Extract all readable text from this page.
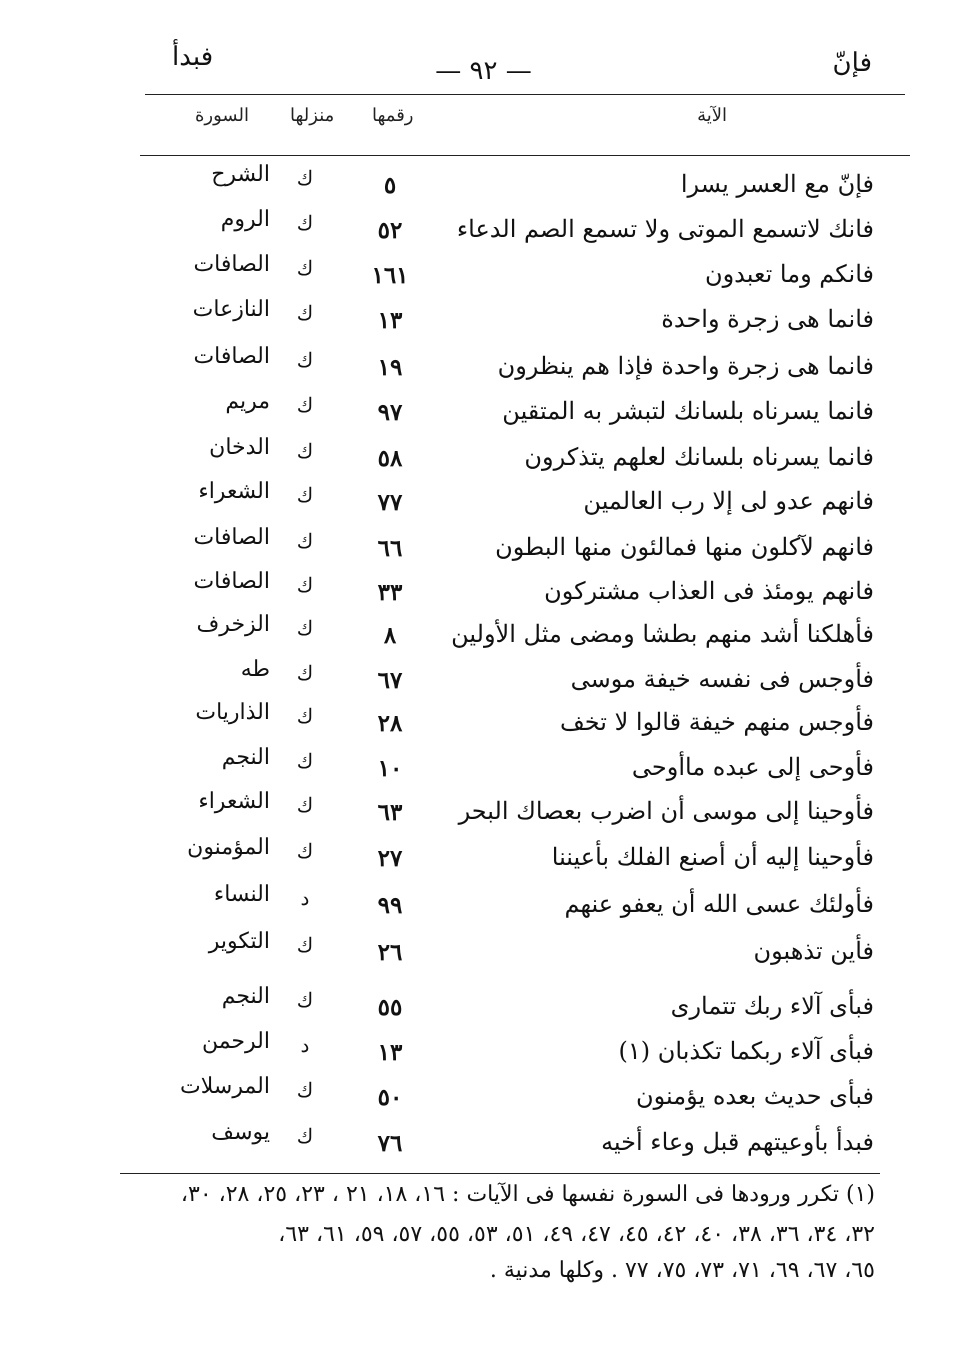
فإنّ
— ٩٢ —
فبدأ
الآية
رقمها
منزلها
السورة
فإنّ مع العسر يسرا
٥
ك
الشرح
فانك لاتسمع الموتى ولا تسمع الصم الدعاء
٥٢
ك
الروم
فانكم وما تعبدون
١٦١
ك
الصافات
فانما هى زجرة واحدة
١٣
ك
النازعات
فانما هى زجرة واحدة فإذا هم ينظرون
١٩
ك
الصافات
فانما يسرناه بلسانك لتبشر به المتقين
٩٧
ك
مريم
فانما يسرناه بلسانك لعلهم يتذكرون
٥٨
ك
الدخان
فانهم عدو لى إلا رب العالمين
٧٧
ك
الشعراء
فانهم لآكلون منها فمالئون منها البطون
٦٦
ك
الصافات
فانهم يومئذ فى العذاب مشتركون
٣٣
ك
الصافات
فأهلكنا أشد منهم بطشا ومضى مثل الأولين
٨
ك
الزخرف
فأوجس فى نفسه خيفة موسى
٦٧
ك
طه
فأوجس منهم خيفة قالوا لا تخف
٢٨
ك
الذاريات
فأوحى إلى عبده ماأوحى
١٠
ك
النجم
فأوحينا إلى موسى أن اضرب بعصاك البحر
٦٣
ك
الشعراء
فأوحينا إليه أن أصنع الفلك بأعيننا
٢٧
ك
المؤمنون
فأولئك عسى الله أن يعفو عنهم
٩٩
د
النساء
فأين تذهبون
٢٦
ك
التكوير
فبأى آلاء ربك تتمارى
٥٥
ك
النجم
فبأى آلاء ربكما تكذبان (١)
١٣
د
الرحمن
فبأى حديث بعده يؤمنون
٥٠
ك
المرسلات
فبدأ بأوعيتهم قبل وعاء أخيه
٧٦
ك
يوسف
(١) تكرر ورودها فى السورة نفسها فى الآيات : ١٦، ١٨، ٢١ ، ٢٣، ٢٥، ٢٨، ٣٠،
٣٢، ٣٤، ٣٦، ٣٨، ٤٠، ٤٢، ٤٥، ٤٧، ٤٩، ٥١، ٥٣، ٥٥، ٥٧، ٥٩، ٦١، ٦٣،
٦٥، ٦٧، ٦٩، ٧١، ٧٣، ٧٥، ٧٧ . وكلها مدنية .
